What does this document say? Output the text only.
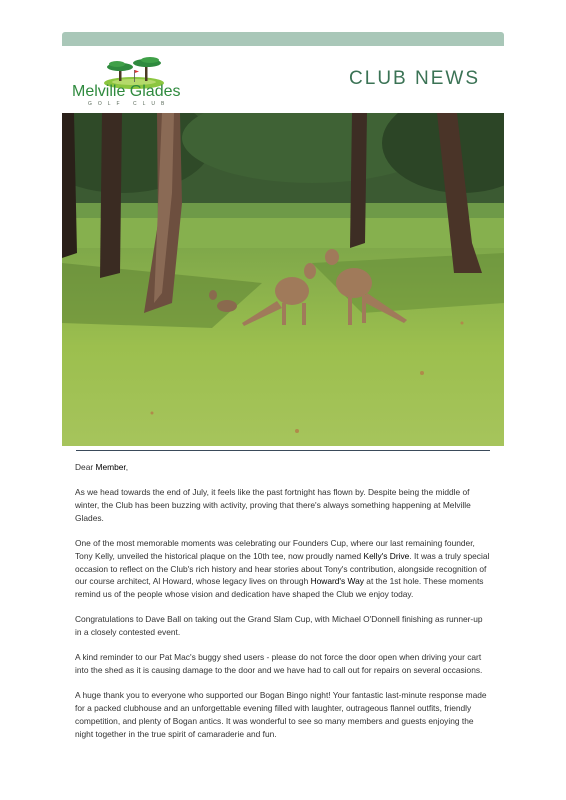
Melville Glades
GOLF CLUB
CLUB NEWS

Dear Member,

As we head towards the end of July, it feels like the past fortnight has flown by. Despite being the middle of winter, the Club has been buzzing with activity, proving that there's always something happening at Melville Glades.

One of the most memorable moments was celebrating our Founders Cup, where our last remaining founder, Tony Kelly, unveiled the historical plaque on the 10th tee, now proudly named Kelly's Drive. It was a truly special occasion to reflect on the Club's rich history and hear stories about Tony's contribution, alongside recognition of our course architect, Al Howard, whose legacy lives on through Howard's Way at the 1st hole. These moments remind us of the people whose vision and dedication have shaped the Club we enjoy today.

Congratulations to Dave Ball on taking out the Grand Slam Cup, with Michael O'Donnell finishing as runner-up in a closely contested event.

A kind reminder to our Pat Mac's buggy shed users - please do not force the door open when driving your cart into the shed as it is causing damage to the door and we have had to call out for repairs on several occasions.

A huge thank you to everyone who supported our Bogan Bingo night! Your fantastic last-minute response made for a packed clubhouse and an unforgettable evening filled with laughter, outrageous flannel outfits, friendly competition, and plenty of Bogan antics. It was wonderful to see so many members and guests enjoying the night together in the true spirit of camaraderie and fun.
